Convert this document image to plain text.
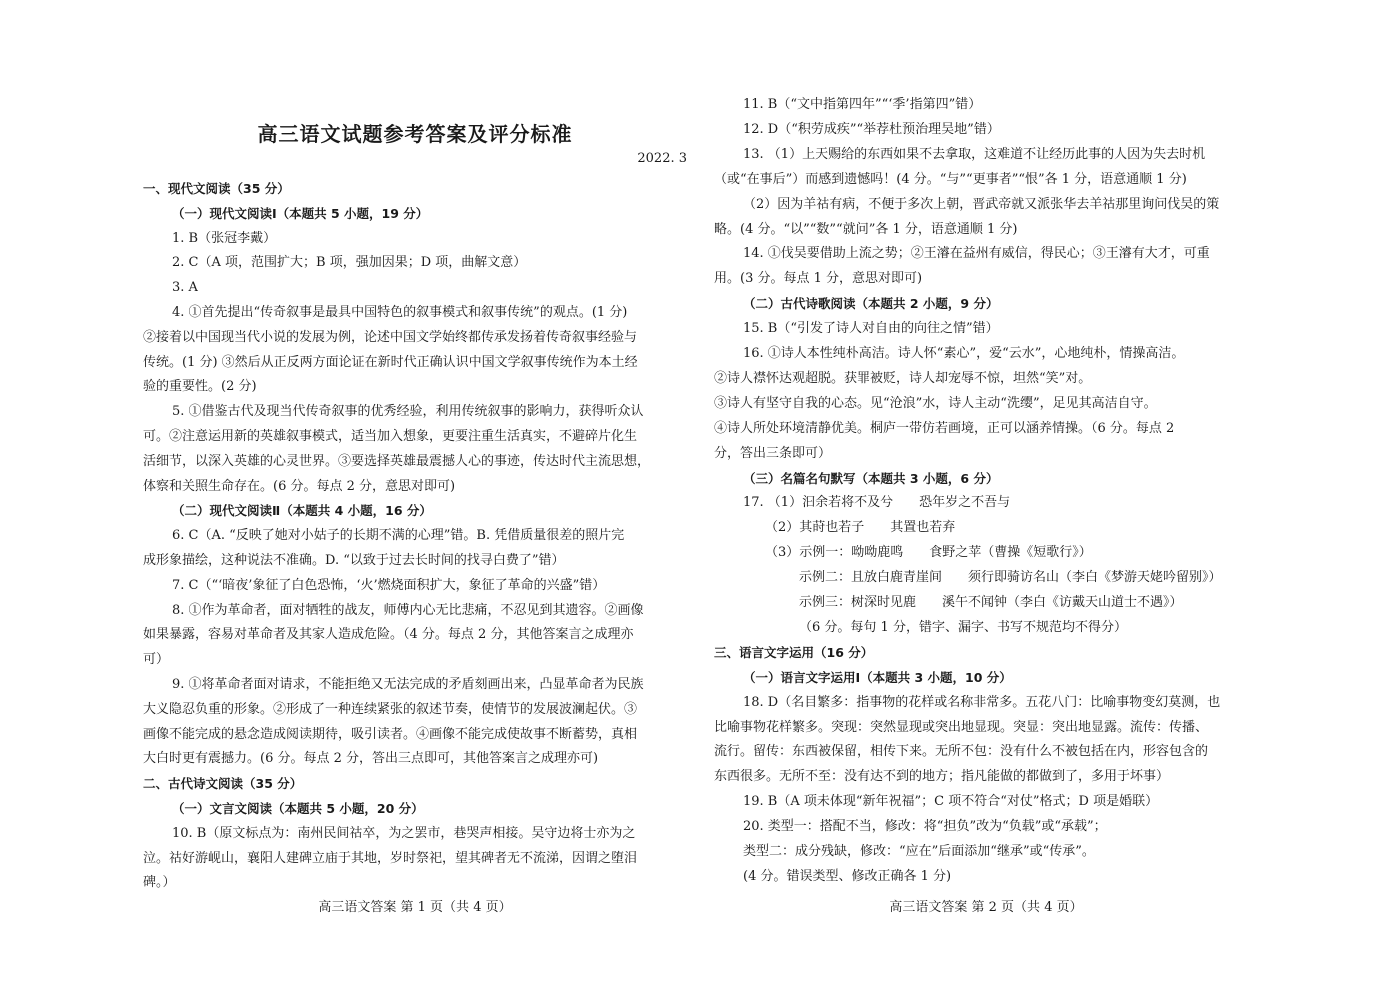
高三语文试题参考答案及评分标准
2022. 3
一、现代文阅读（35 分）
（一）现代文阅读Ⅰ（本题共 5 小题，19 分）
1. B（张冠李戴）
2. C（A 项，范围扩大；B 项，强加因果；D 项，曲解文意）
3. A
4. ①首先提出“传奇叙事是最具中国特色的叙事模式和叙事传统”的观点。(1 分)
②接着以中国现当代小说的发展为例，论述中国文学始终都传承发扬着传奇叙事经验与
传统。(1 分) ③然后从正反两方面论证在新时代正确认识中国文学叙事传统作为本土经
验的重要性。(2 分)
5. ①借鉴古代及现当代传奇叙事的优秀经验，利用传统叙事的影响力，获得听众认
可。②注意运用新的英雄叙事模式，适当加入想象，更要注重生活真实，不避碎片化生
活细节，以深入英雄的心灵世界。③要选择英雄最震撼人心的事迹，传达时代主流思想，
体察和关照生命存在。(6 分。每点 2 分，意思对即可)
（二）现代文阅读Ⅱ（本题共 4 小题，16 分）
6. C（A. “反映了她对小姑子的长期不满的心理”错。B. 凭借质量很差的照片完
成形象描绘，这种说法不准确。D. “以致于过去长时间的找寻白费了”错）
7. C（“‘暗夜’象征了白色恐怖，‘火’燃烧面积扩大，象征了革命的兴盛”错）
8. ①作为革命者，面对牺牲的战友，师傅内心无比悲痛，不忍见到其遗容。②画像
如果暴露，容易对革命者及其家人造成危险。（4 分。每点 2 分，其他答案言之成理亦
可）
9. ①将革命者面对请求，不能拒绝又无法完成的矛盾刻画出来，凸显革命者为民族
大义隐忍负重的形象。②形成了一种连续紧张的叙述节奏，使情节的发展波澜起伏。③
画像不能完成的悬念造成阅读期待，吸引读者。④画像不能完成使故事不断蓄势，真相
大白时更有震撼力。(6 分。每点 2 分，答出三点即可，其他答案言之成理亦可)
二、古代诗文阅读（35 分）
（一）文言文阅读（本题共 5 小题，20 分）
10. B（原文标点为：南州民间祜卒，为之罢市，巷哭声相接。吴守边将士亦为之
泣。祜好游岘山，襄阳人建碑立庙于其地，岁时祭祀，望其碑者无不流涕，因谓之堕泪
碑。）
高三语文答案 第 1 页（共 4 页）
11. B（“文中指第四年”“‘季’指第四”错）
12. D（“积劳成疾”“举荐杜预治理吴地”错）
13. （1）上天赐给的东西如果不去拿取，这难道不让经历此事的人因为失去时机
（或“在事后”）而感到遗憾吗！(4 分。“与”“更事者”“恨”各 1 分，语意通顺 1 分)
（2）因为羊祜有病，不便于多次上朝，晋武帝就又派张华去羊祜那里询问伐吴的策
略。(4 分。“以”“数”“就问”各 1 分，语意通顺 1 分)
14. ①伐吴要借助上流之势；②王濬在益州有威信，得民心；③王濬有大才，可重
用。(3 分。每点 1 分，意思对即可)
（二）古代诗歌阅读（本题共 2 小题，9 分）
15. B（“引发了诗人对自由的向往之情”错）
16. ①诗人本性纯朴高洁。诗人怀“素心”，爱“云水”，心地纯朴，情操高洁。
②诗人襟怀达观超脱。获罪被贬，诗人却宠辱不惊，坦然“笑”对。
③诗人有坚守自我的心态。见“沧浪”水，诗人主动“洗缨”，足见其高洁自守。
④诗人所处环境清静优美。桐庐一带仿若画境，正可以涵养情操。（6 分。每点 2
分，答出三条即可）
（三）名篇名句默写（本题共 3 小题，6 分）
17. （1）汩余若将不及兮　　恐年岁之不吾与
（2）其莳也若子　　其置也若弃
（3）示例一：呦呦鹿鸣　　食野之苹（曹操《短歌行》）
示例二：且放白鹿青崖间　　须行即骑访名山（李白《梦游天姥吟留别》）
示例三：树深时见鹿　　溪午不闻钟（李白《访戴天山道士不遇》）
（6 分。每句 1 分，错字、漏字、书写不规范均不得分）
三、语言文字运用（16 分）
（一）语言文字运用Ⅰ（本题共 3 小题，10 分）
18. D（名目繁多：指事物的花样或名称非常多。五花八门：比喻事物变幻莫测，也
比喻事物花样繁多。突现：突然显现或突出地显现。突显：突出地显露。流传：传播、
流行。留传：东西被保留，相传下来。无所不包：没有什么不被包括在内，形容包含的
东西很多。无所不至：没有达不到的地方；指凡能做的都做到了，多用于坏事）
19. B（A 项未体现“新年祝福”；C 项不符合“对仗”格式；D 项是婚联）
20. 类型一：搭配不当，修改：将“担负”改为“负载”或“承载”；
类型二：成分残缺，修改：“应在”后面添加“继承”或“传承”。
(4 分。错误类型、修改正确各 1 分)
高三语文答案 第 2 页（共 4 页）
